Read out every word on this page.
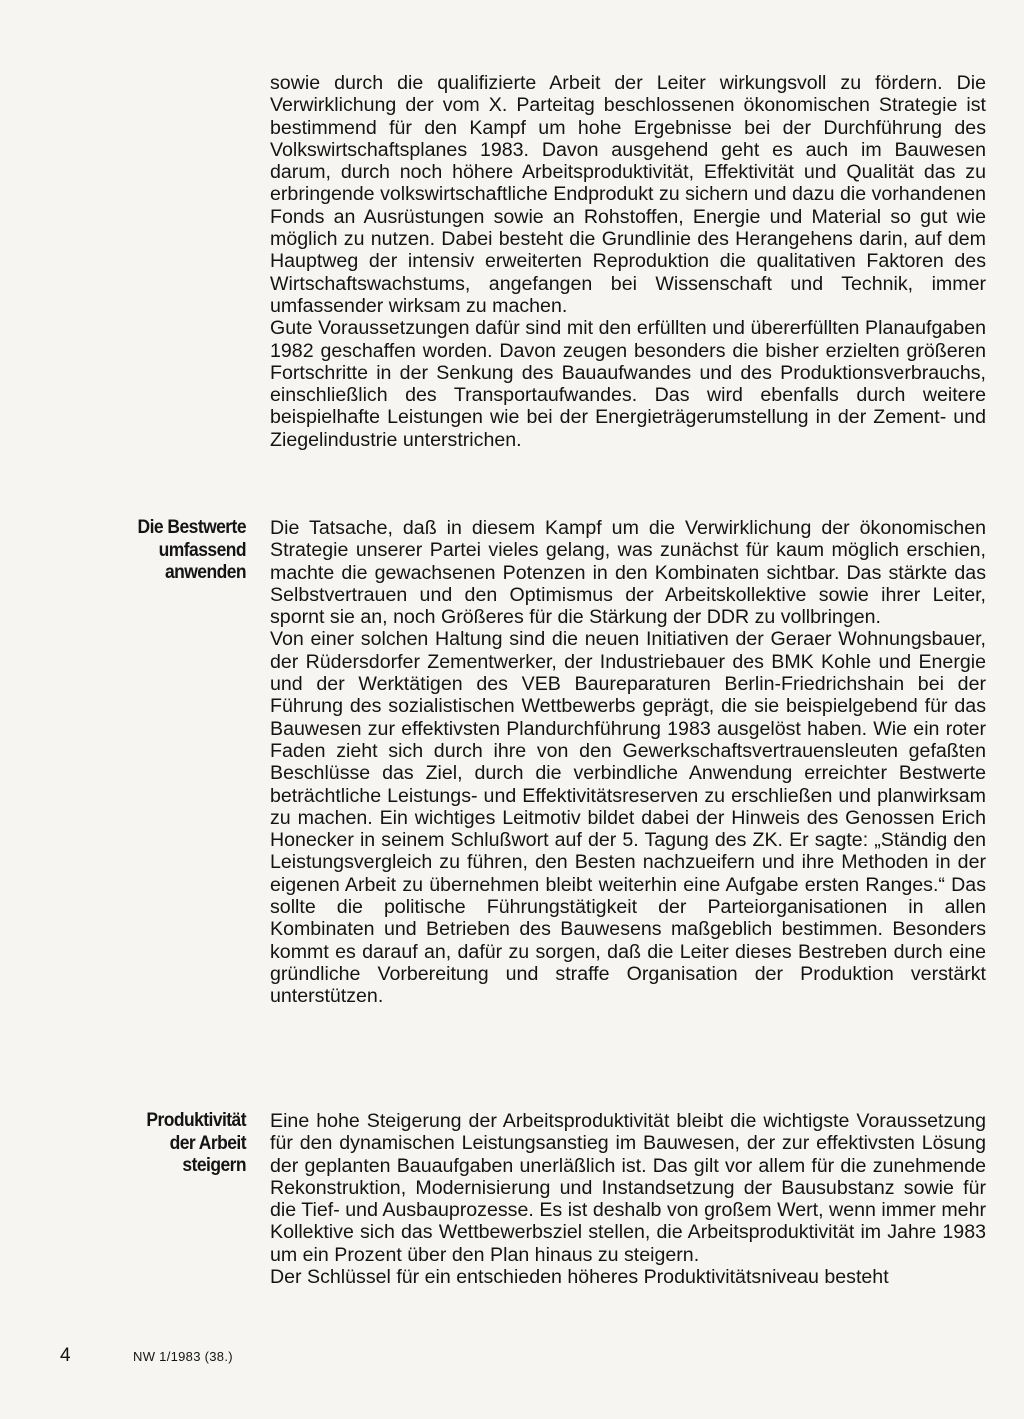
sowie durch die qualifizierte Arbeit der Leiter wirkungsvoll zu fördern. Die Verwirklichung der vom X. Parteitag beschlossenen ökonomischen Strategie ist bestimmend für den Kampf um hohe Ergebnisse bei der Durchführung des Volkswirtschaftsplanes 1983. Davon ausgehend geht es auch im Bauwesen darum, durch noch höhere Arbeitsproduktivität, Effektivität und Qualität das zu erbringende volkswirtschaftliche Endprodukt zu sichern und dazu die vorhandenen Fonds an Ausrüstungen sowie an Rohstoffen, Energie und Material so gut wie möglich zu nutzen. Dabei besteht die Grundlinie des Herangehens darin, auf dem Hauptweg der intensiv erweiterten Reproduktion die qualitativen Faktoren des Wirtschaftswachstums, angefangen bei Wissenschaft und Technik, immer umfassender wirksam zu machen.

Gute Voraussetzungen dafür sind mit den erfüllten und übererfüllten Planaufgaben 1982 geschaffen worden. Davon zeugen besonders die bisher erzielten größeren Fortschritte in der Senkung des Bauaufwandes und des Produktionsverbrauchs, einschließlich des Transportaufwandes. Das wird ebenfalls durch weitere beispielhafte Leistungen wie bei der Energieträgerumstellung in der Zement- und Ziegelindustrie unterstrichen.

Die Bestwerte
umfassend
anwenden

Die Tatsache, daß in diesem Kampf um die Verwirklichung der ökonomischen Strategie unserer Partei vieles gelang, was zunächst für kaum möglich erschien, machte die gewachsenen Potenzen in den Kombinaten sichtbar. Das stärkte das Selbstvertrauen und den Optimismus der Arbeitskollektive sowie ihrer Leiter, spornt sie an, noch Größeres für die Stärkung der DDR zu vollbringen.

Von einer solchen Haltung sind die neuen Initiativen der Geraer Wohnungsbauer, der Rüdersdorfer Zementwerker, der Industriebauer des BMK Kohle und Energie und der Werktätigen des VEB Baureparaturen Berlin-Friedrichshain bei der Führung des sozialistischen Wettbewerbs geprägt, die sie beispielgebend für das Bauwesen zur effektivsten Plandurchführung 1983 ausgelöst haben. Wie ein roter Faden zieht sich durch ihre von den Gewerkschaftsvertrauensleuten gefaßten Beschlüsse das Ziel, durch die verbindliche Anwendung erreichter Bestwerte beträchtliche Leistungs- und Effektivitätsreserven zu erschließen und planwirksam zu machen. Ein wichtiges Leitmotiv bildet dabei der Hinweis des Genossen Erich Honecker in seinem Schlußwort auf der 5. Tagung des ZK. Er sagte: „Ständig den Leistungsvergleich zu führen, den Besten nachzueifern und ihre Methoden in der eigenen Arbeit zu übernehmen bleibt weiterhin eine Aufgabe ersten Ranges.“ Das sollte die politische Führungstätigkeit der Parteiorganisationen in allen Kombinaten und Betrieben des Bauwesens maßgeblich bestimmen. Besonders kommt es darauf an, dafür zu sorgen, daß die Leiter dieses Bestreben durch eine gründliche Vorbereitung und straffe Organisation der Produktion verstärkt unterstützen.

Produktivität
der Arbeit
steigern

Eine hohe Steigerung der Arbeitsproduktivität bleibt die wichtigste Voraussetzung für den dynamischen Leistungsanstieg im Bauwesen, der zur effektivsten Lösung der geplanten Bauaufgaben unerläßlich ist. Das gilt vor allem für die zunehmende Rekonstruktion, Modernisierung und Instandsetzung der Bausubstanz sowie für die Tief- und Ausbauprozesse. Es ist deshalb von großem Wert, wenn immer mehr Kollektive sich das Wettbewerbsziel stellen, die Arbeitsproduktivität im Jahre 1983 um ein Prozent über den Plan hinaus zu steigern.

Der Schlüssel für ein entschieden höheres Produktivitätsniveau besteht

4	NW 1/1983 (38.)
